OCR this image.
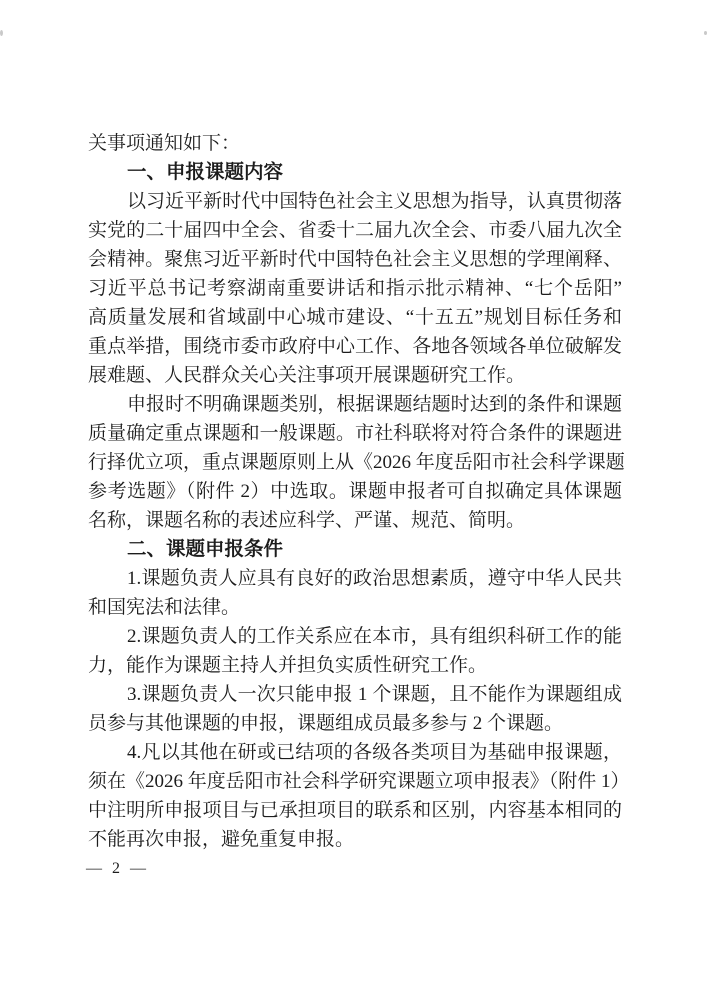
关事项通知如下：
一、申报课题内容
以习近平新时代中国特色社会主义思想为指导，认真贯彻落
实党的二十届四中全会、省委十二届九次全会、市委八届九次全
会精神。聚焦习近平新时代中国特色社会主义思想的学理阐释、
习近平总书记考察湖南重要讲话和指示批示精神、“七个岳阳”
高质量发展和省域副中心城市建设、“十五五”规划目标任务和
重点举措，围绕市委市政府中心工作、各地各领域各单位破解发
展难题、人民群众关心关注事项开展课题研究工作。
申报时不明确课题类别，根据课题结题时达到的条件和课题
质量确定重点课题和一般课题。市社科联将对符合条件的课题进
行择优立项，重点课题原则上从《2026 年度岳阳市社会科学课题
参考选题》（附件 2）中选取。课题申报者可自拟确定具体课题
名称，课题名称的表述应科学、严谨、规范、简明。
二、课题申报条件
1.课题负责人应具有良好的政治思想素质，遵守中华人民共
和国宪法和法律。
2.课题负责人的工作关系应在本市，具有组织科研工作的能
力，能作为课题主持人并担负实质性研究工作。
3.课题负责人一次只能申报 1 个课题，且不能作为课题组成
员参与其他课题的申报，课题组成员最多参与 2 个课题。
4.凡以其他在研或已结项的各级各类项目为基础申报课题，
须在《2026 年度岳阳市社会科学研究课题立项申报表》（附件 1）
中注明所申报项目与已承担项目的联系和区别，内容基本相同的
不能再次申报，避免重复申报。
— 2 —
